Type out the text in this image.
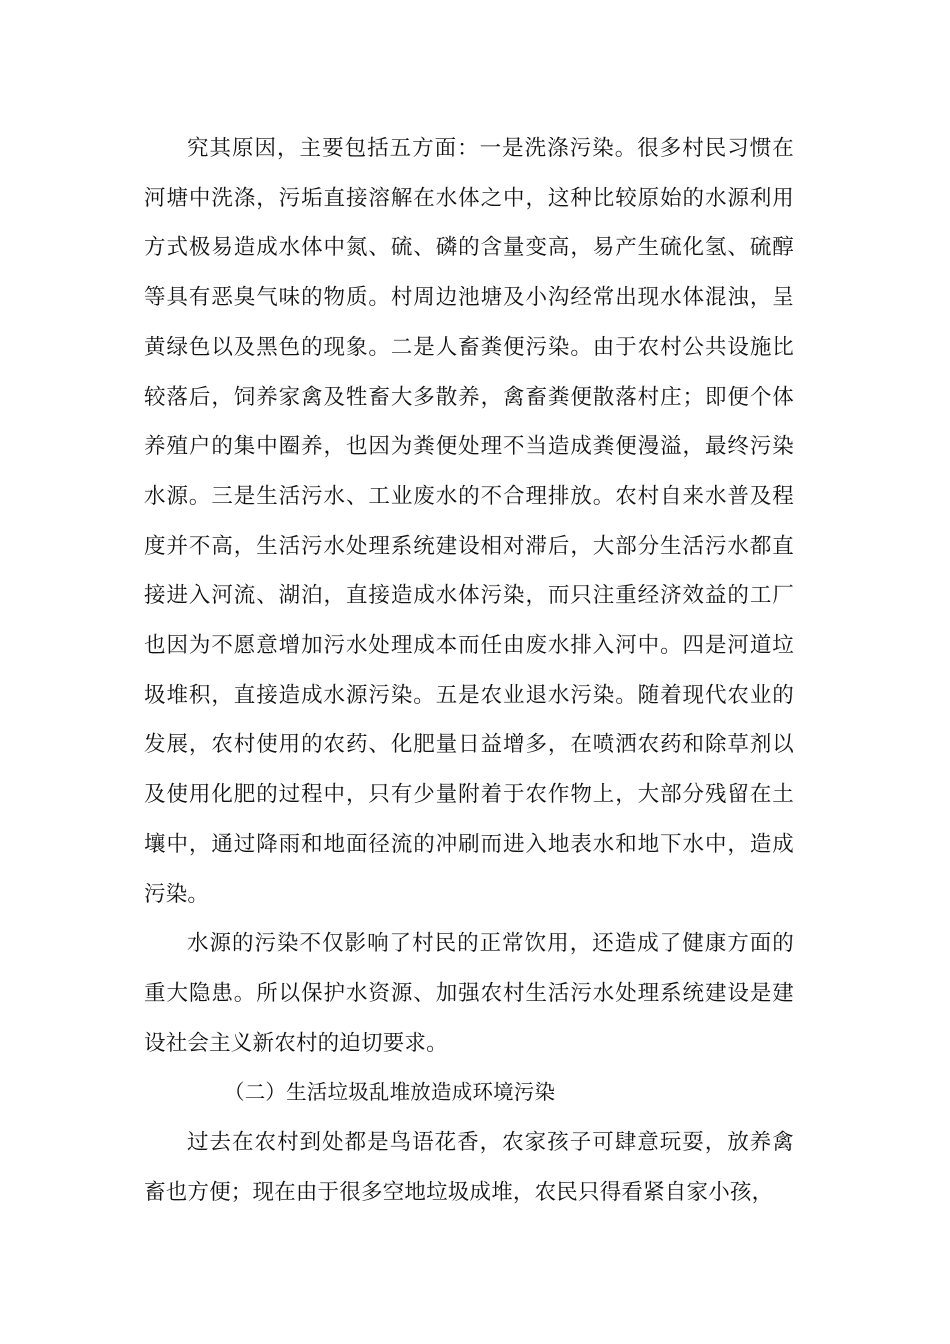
究其原因，主要包括五方面：一是洗涤污染。很多村民习惯在河塘中洗涤，污垢直接溶解在水体之中，这种比较原始的水源利用方式极易造成水体中氮、硫、磷的含量变高，易产生硫化氢、硫醇等具有恶臭气味的物质。村周边池塘及小沟经常出现水体混浊，呈黄绿色以及黑色的现象。二是人畜粪便污染。由于农村公共设施比较落后，饲养家禽及牲畜大多散养，禽畜粪便散落村庄；即便个体养殖户的集中圈养，也因为粪便处理不当造成粪便漫溢，最终污染水源。三是生活污水、工业废水的不合理排放。农村自来水普及程度并不高，生活污水处理系统建设相对滞后，大部分生活污水都直接进入河流、湖泊，直接造成水体污染，而只注重经济效益的工厂也因为不愿意增加污水处理成本而任由废水排入河中。四是河道垃圾堆积，直接造成水源污染。五是农业退水污染。随着现代农业的发展，农村使用的农药、化肥量日益增多，在喷洒农药和除草剂以及使用化肥的过程中，只有少量附着于农作物上，大部分残留在土壤中，通过降雨和地面径流的冲刷而进入地表水和地下水中，造成污染。

水源的污染不仅影响了村民的正常饮用，还造成了健康方面的重大隐患。所以保护水资源、加强农村生活污水处理系统建设是建设社会主义新农村的迫切要求。

（二）生活垃圾乱堆放造成环境污染

过去在农村到处都是鸟语花香，农家孩子可肆意玩耍，放养禽畜也方便；现在由于很多空地垃圾成堆，农民只得看紧自家小孩，
